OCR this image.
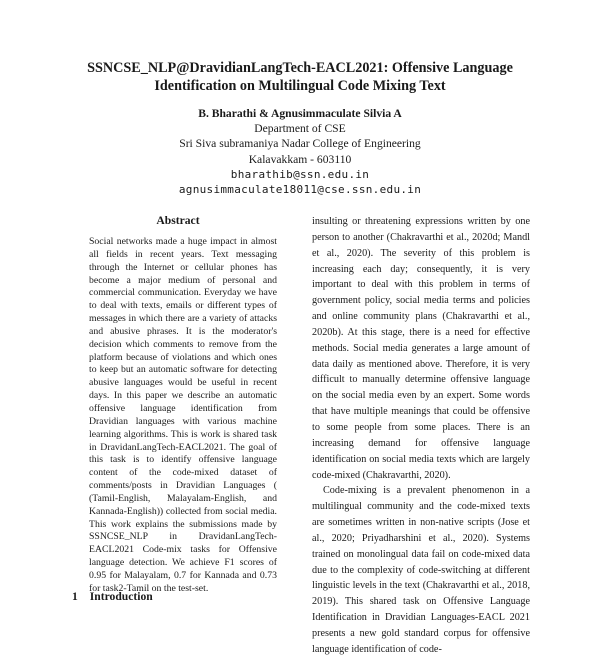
SSNCSE_NLP@DravidianLangTech-EACL2021: Offensive Language
Identification on Multilingual Code Mixing Text
B. Bharathi & Agnusimmaculate Silvia A
Department of CSE
Sri Siva subramaniya Nadar College of Engineering
Kalavakkam - 603110
bharathib@ssn.edu.in
agnusimmaculate18011@cse.ssn.edu.in
Abstract

Social networks made a huge impact in almost all fields in recent years. Text messaging through the Internet or cellular phones has become a major medium of personal and commercial communication. Everyday we have to deal with texts, emails or different types of messages in which there are a variety of attacks and abusive phrases. It is the moderator's decision which comments to remove from the platform because of violations and which ones to keep but an automatic software for detecting abusive languages would be useful in recent days. In this paper we describe an automatic offensive language identification from Dravidian languages with various machine learning algorithms. This is work is shared task in DravidanLangTech-EACL2021. The goal of this task is to identify offensive language content of the code-mixed dataset of comments/posts in Dravidian Languages ( (Tamil-English, Malayalam-English, and Kannada-English)) collected from social media. This work explains the submissions made by SSNCSE_NLP in DravidanLangTech-EACL2021 Code-mix tasks for Offensive language detection. We achieve F1 scores of 0.95 for Malayalam, 0.7 for Kannada and 0.73 for task2-Tamil on the test-set.

1 Introduction

insulting or threatening expressions written by one person to another (Chakravarthi et al., 2020d; Mandl et al., 2020). The severity of this problem is increasing each day; consequently, it is very important to deal with this problem in terms of government policy, social media terms and policies and online community plans (Chakravarthi et al., 2020b). At this stage, there is a need for effective methods. Social media generates a large amount of data daily as mentioned above. Therefore, it is very difficult to manually determine offensive language on the social media even by an expert. Some words that have multiple meanings that could be offensive to some people from some places. There is an increasing demand for offensive language identification on social media texts which are largely code-mixed (Chakravarthi, 2020).

Code-mixing is a prevalent phenomenon in a multilingual community and the code-mixed texts are sometimes written in non-native scripts (Jose et al., 2020; Priyadharshini et al., 2020). Systems trained on monolingual data fail on code-mixed data due to the complexity of code-switching at different linguistic levels in the text (Chakravarthi et al., 2018, 2019). This shared task on Offensive Language Identification in Dravidian Languages-EACL 2021 presents a new gold standard corpus for offensive language identification of code-
